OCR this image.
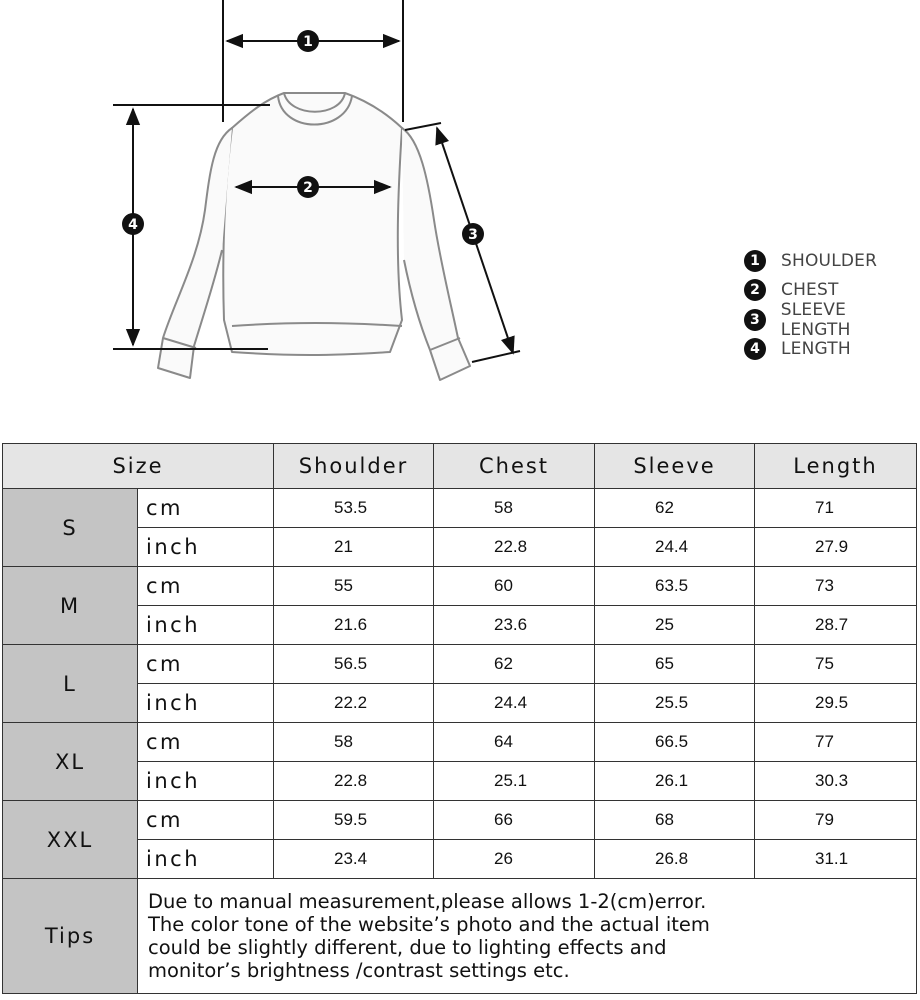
1
2
3
4
1	SHOULDER
2	CHEST
3	SLEEVE LENGTH
4	LENGTH
Size		Shoulder	Chest	Sleeve	Length
S	cm	53.5	58	62	71
	inch	21	22.8	24.4	27.9
M	cm	55	60	63.5	73
	inch	21.6	23.6	25	28.7
L	cm	56.5	62	65	75
	inch	22.2	24.4	25.5	29.5
XL	cm	58	64	66.5	77
	inch	22.8	25.1	26.1	30.3
XXL	cm	59.5	66	68	79
	inch	23.4	26	26.8	31.1
Tips	Due to manual measurement,please allows 1-2(cm)error.
The color tone of the website’s photo and the actual item
could be slightly different, due to lighting effects and
monitor’s brightness /contrast settings etc.				
